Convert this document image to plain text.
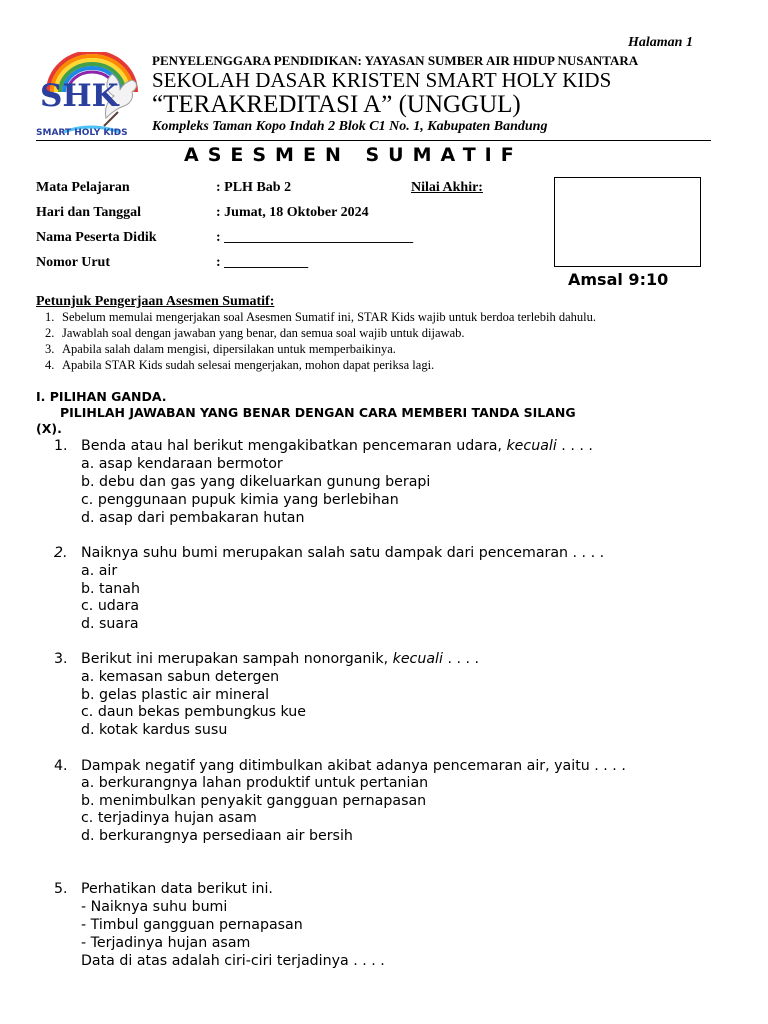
SHK
SMART HOLY KIDS
Halaman 1
PENYELENGGARA PENDIDIKAN: YAYASAN SUMBER AIR HIDUP NUSANTARA
SEKOLAH DASAR KRISTEN SMART HOLY KIDS
“TERAKREDITASI A” (UNGGUL)
Kompleks Taman Kopo Indah 2 Blok C1 No. 1, Kabupaten Bandung
ASESMEN SUMATIF
Mata Pelajaran	: PLH Bab 2
Hari dan Tanggal	: Jumat, 18 Oktober 2024
Nama Peserta Didik	: ___________________________
Nomor Urut	: ____________
Nilai Akhir:
Amsal 9:10
Petunjuk Pengerjaan Asesmen Sumatif:
1. Sebelum memulai mengerjakan soal Asesmen Sumatif ini, STAR Kids wajib untuk berdoa terlebih dahulu.
2. Jawablah soal dengan jawaban yang benar, dan semua soal wajib untuk dijawab.
3. Apabila salah dalam mengisi, dipersilakan untuk memperbaikinya.
4. Apabila STAR Kids sudah selesai mengerjakan, mohon dapat periksa lagi.
I. PILIHAN GANDA.
PILIHLAH JAWABAN YANG BENAR DENGAN CARA MEMBERI TANDA SILANG
(X).
1. Benda atau hal berikut mengakibatkan pencemaran udara, kecuali . . . .
a. asap kendaraan bermotor
b. debu dan gas yang dikeluarkan gunung berapi
c. penggunaan pupuk kimia yang berlebihan
d. asap dari pembakaran hutan
2. Naiknya suhu bumi merupakan salah satu dampak dari pencemaran . . . .
a. air
b. tanah
c. udara
d. suara
3. Berikut ini merupakan sampah nonorganik, kecuali . . . .
a. kemasan sabun detergen
b. gelas plastic air mineral
c. daun bekas pembungkus kue
d. kotak kardus susu
4. Dampak negatif yang ditimbulkan akibat adanya pencemaran air, yaitu . . . .
a. berkurangnya lahan produktif untuk pertanian
b. menimbulkan penyakit gangguan pernapasan
c. terjadinya hujan asam
d. berkurangnya persediaan air bersih
5. Perhatikan data berikut ini.
- Naiknya suhu bumi
- Timbul gangguan pernapasan
- Terjadinya hujan asam
Data di atas adalah ciri-ciri terjadinya . . . .
